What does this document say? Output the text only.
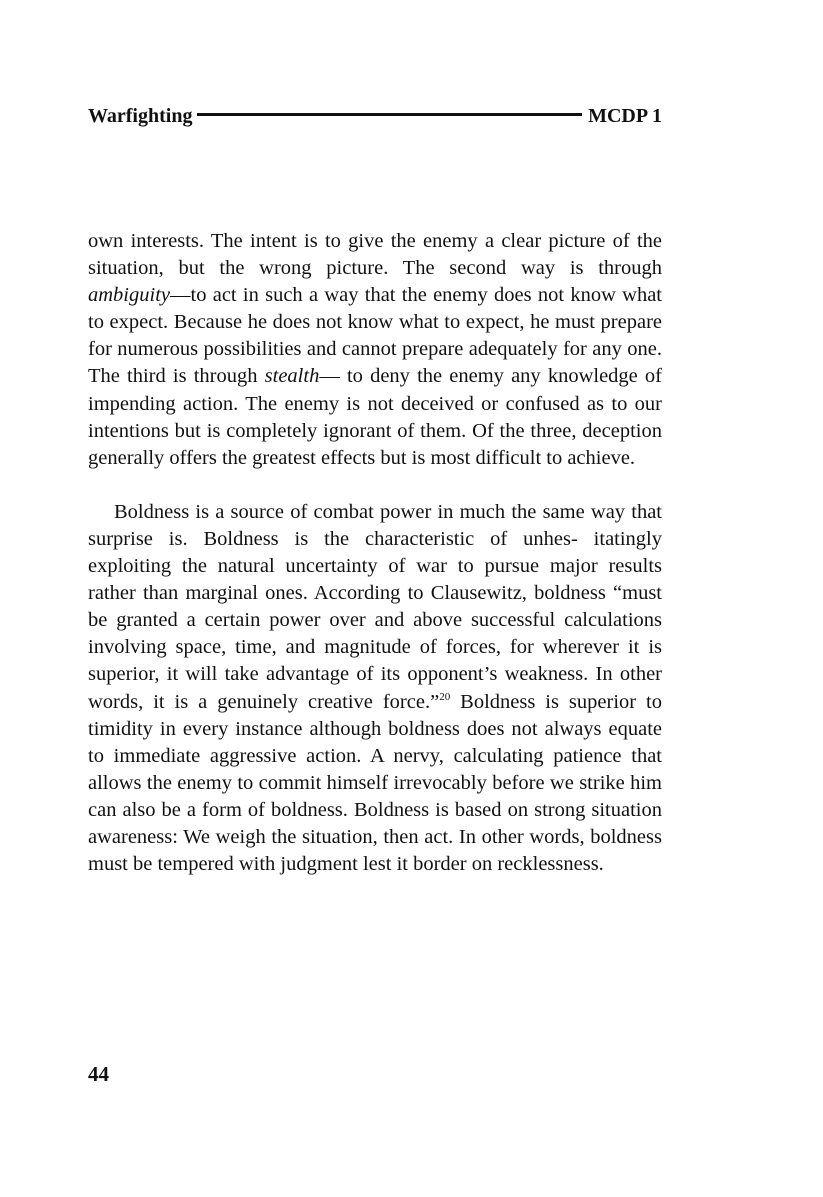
Warfighting	MCDP 1

own interests. The intent is to give the enemy a clear picture of the situation, but the wrong picture. The second way is through ambiguity—to act in such a way that the enemy does not know what to expect. Because he does not know what to expect, he must prepare for numerous possibilities and cannot prepare adequately for any one. The third is through stealth— to deny the enemy any knowledge of impending action. The enemy is not deceived or confused as to our intentions but is completely ignorant of them. Of the three, deception generally offers the greatest effects but is most difficult to achieve.

Boldness is a source of combat power in much the same way that surprise is. Boldness is the characteristic of unhes- itatingly exploiting the natural uncertainty of war to pursue major results rather than marginal ones. According to Clausewitz, boldness “must be granted a certain power over and above successful calculations involving space, time, and magnitude of forces, for wherever it is superior, it will take advantage of its opponent’s weakness. In other words, it is a genuinely creative force.”$^{20}$ Boldness is superior to timidity in every instance although boldness does not always equate to immediate aggressive action. A nervy, calculating patience that allows the enemy to commit himself irrevocably before we strike him can also be a form of boldness. Boldness is based on strong situation awareness: We weigh the situation, then act. In other words, boldness must be tempered with judgment lest it border on recklessness.

44
